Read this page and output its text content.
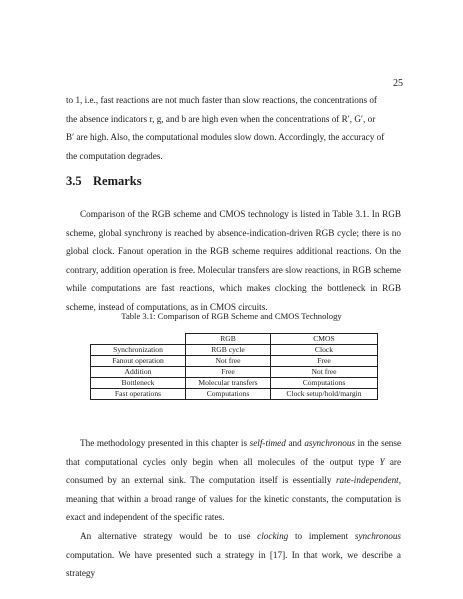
25
to 1, i.e., fast reactions are not much faster than slow reactions, the concentrations of
the absence indicators r, g, and b are high even when the concentrations of R′, G′, or
B′ are high. Also, the computational modules slow down. Accordingly, the accuracy of
the computation degrades.
3.5 Remarks

Comparison of the RGB scheme and CMOS technology is listed in Table 3.1. In RGB scheme, global synchrony is reached by absence-indication-driven RGB cycle; there is no global clock. Fanout operation in the RGB scheme requires additional reactions. On the contrary, addition operation is free. Molecular transfers are slow reactions, in RGB scheme while computations are fast reactions, which makes clocking the bottleneck in RGB scheme, instead of computations, as in CMOS circuits.

Table 3.1: Comparison of RGB Scheme and CMOS Technology

	RGB	CMOS
Synchronization	RGB cycle	Clock
Fanout operation	Not free	Free
Addition	Free	Not free
Bottleneck	Molecular transfers	Computations
Fast operations	Computations	Clock setup/hold/margin

The methodology presented in this chapter is self-timed and asynchronous in the sense that computational cycles only begin when all molecules of the output type Y are consumed by an external sink. The computation itself is essentially rate-independent, meaning that within a broad range of values for the kinetic constants, the computation is exact and independent of the specific rates.

An alternative strategy would be to use clocking to implement synchronous computation. We have presented such a strategy in [17]. In that work, we describe a strategy
